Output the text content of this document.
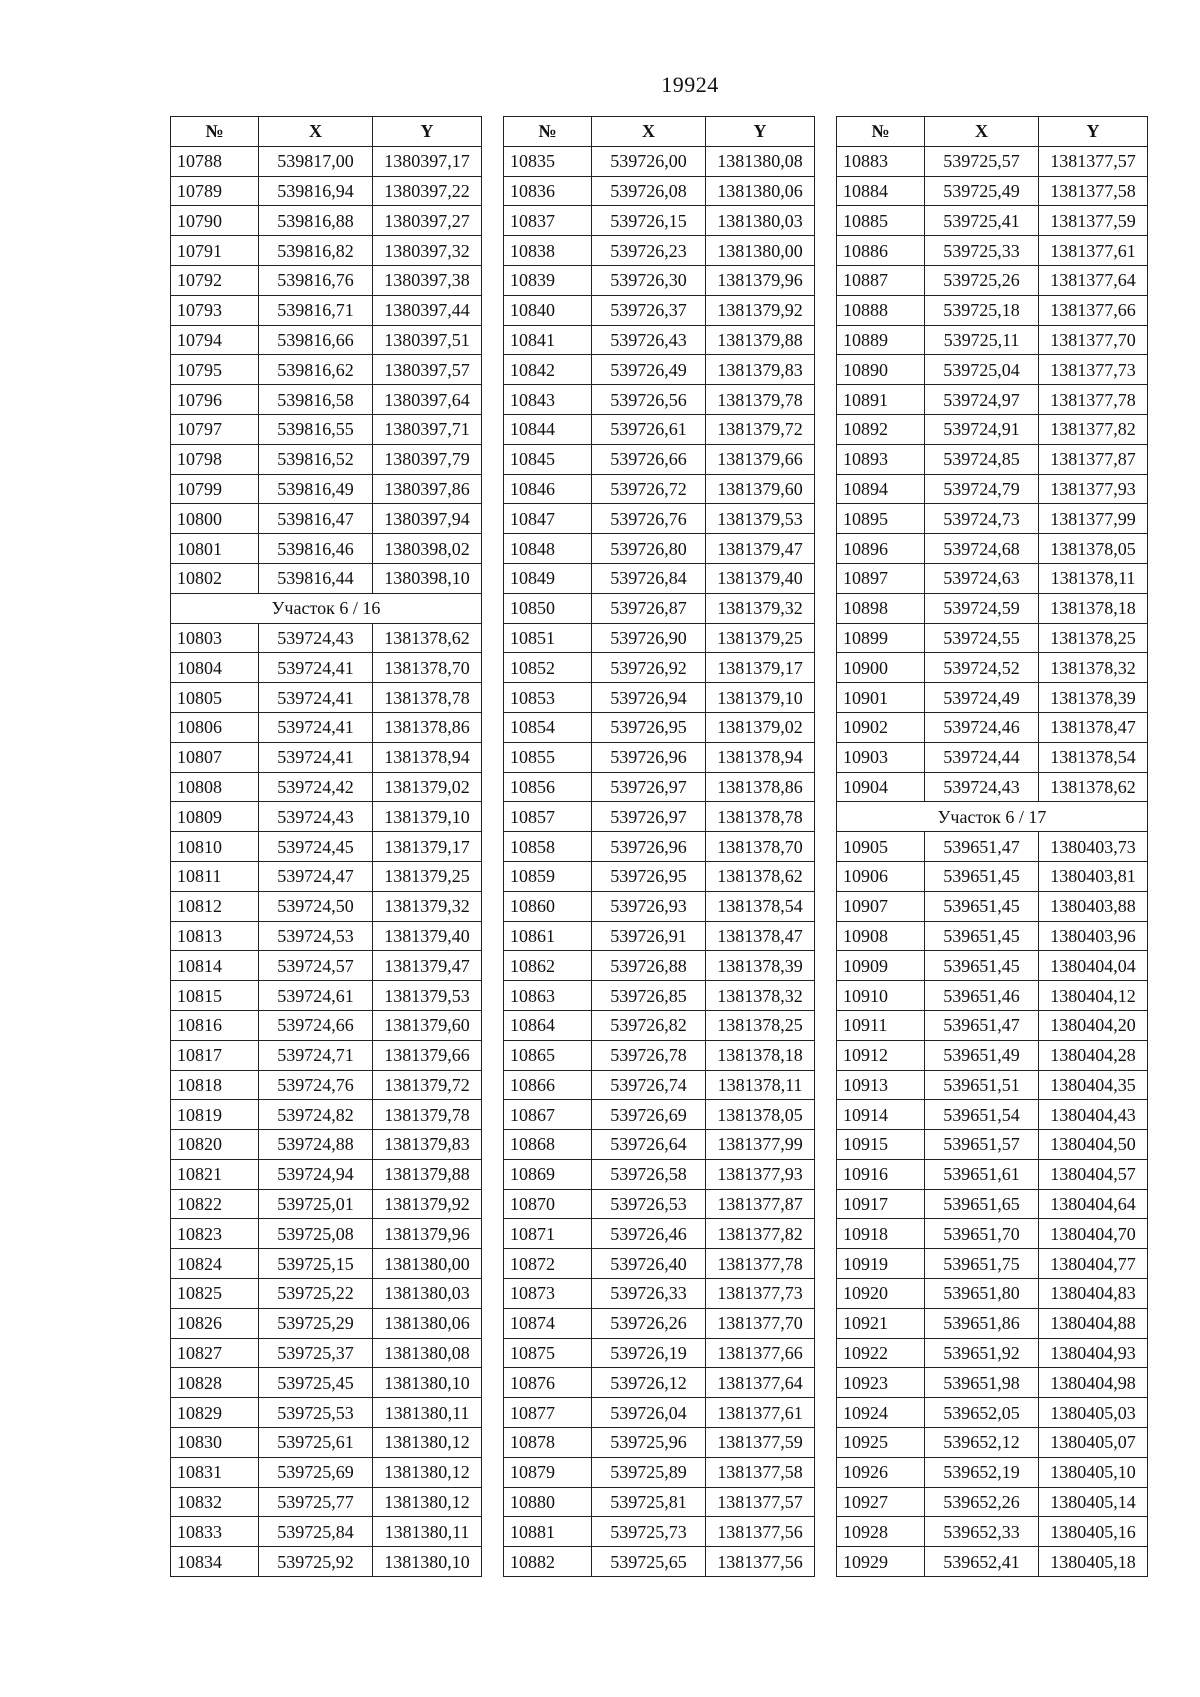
19924
№	X	Y
10788	539817,00	1380397,17
10789	539816,94	1380397,22
10790	539816,88	1380397,27
10791	539816,82	1380397,32
10792	539816,76	1380397,38
10793	539816,71	1380397,44
10794	539816,66	1380397,51
10795	539816,62	1380397,57
10796	539816,58	1380397,64
10797	539816,55	1380397,71
10798	539816,52	1380397,79
10799	539816,49	1380397,86
10800	539816,47	1380397,94
10801	539816,46	1380398,02
10802	539816,44	1380398,10
Участок 6 / 16		
10803	539724,43	1381378,62
10804	539724,41	1381378,70
10805	539724,41	1381378,78
10806	539724,41	1381378,86
10807	539724,41	1381378,94
10808	539724,42	1381379,02
10809	539724,43	1381379,10
10810	539724,45	1381379,17
10811	539724,47	1381379,25
10812	539724,50	1381379,32
10813	539724,53	1381379,40
10814	539724,57	1381379,47
10815	539724,61	1381379,53
10816	539724,66	1381379,60
10817	539724,71	1381379,66
10818	539724,76	1381379,72
10819	539724,82	1381379,78
10820	539724,88	1381379,83
10821	539724,94	1381379,88
10822	539725,01	1381379,92
10823	539725,08	1381379,96
10824	539725,15	1381380,00
10825	539725,22	1381380,03
10826	539725,29	1381380,06
10827	539725,37	1381380,08
10828	539725,45	1381380,10
10829	539725,53	1381380,11
10830	539725,61	1381380,12
10831	539725,69	1381380,12
10832	539725,77	1381380,12
10833	539725,84	1381380,11
10834	539725,92	1381380,10
№	X	Y
10835	539726,00	1381380,08
10836	539726,08	1381380,06
10837	539726,15	1381380,03
10838	539726,23	1381380,00
10839	539726,30	1381379,96
10840	539726,37	1381379,92
10841	539726,43	1381379,88
10842	539726,49	1381379,83
10843	539726,56	1381379,78
10844	539726,61	1381379,72
10845	539726,66	1381379,66
10846	539726,72	1381379,60
10847	539726,76	1381379,53
10848	539726,80	1381379,47
10849	539726,84	1381379,40
10850	539726,87	1381379,32
10851	539726,90	1381379,25
10852	539726,92	1381379,17
10853	539726,94	1381379,10
10854	539726,95	1381379,02
10855	539726,96	1381378,94
10856	539726,97	1381378,86
10857	539726,97	1381378,78
10858	539726,96	1381378,70
10859	539726,95	1381378,62
10860	539726,93	1381378,54
10861	539726,91	1381378,47
10862	539726,88	1381378,39
10863	539726,85	1381378,32
10864	539726,82	1381378,25
10865	539726,78	1381378,18
10866	539726,74	1381378,11
10867	539726,69	1381378,05
10868	539726,64	1381377,99
10869	539726,58	1381377,93
10870	539726,53	1381377,87
10871	539726,46	1381377,82
10872	539726,40	1381377,78
10873	539726,33	1381377,73
10874	539726,26	1381377,70
10875	539726,19	1381377,66
10876	539726,12	1381377,64
10877	539726,04	1381377,61
10878	539725,96	1381377,59
10879	539725,89	1381377,58
10880	539725,81	1381377,57
10881	539725,73	1381377,56
10882	539725,65	1381377,56
№	X	Y
10883	539725,57	1381377,57
10884	539725,49	1381377,58
10885	539725,41	1381377,59
10886	539725,33	1381377,61
10887	539725,26	1381377,64
10888	539725,18	1381377,66
10889	539725,11	1381377,70
10890	539725,04	1381377,73
10891	539724,97	1381377,78
10892	539724,91	1381377,82
10893	539724,85	1381377,87
10894	539724,79	1381377,93
10895	539724,73	1381377,99
10896	539724,68	1381378,05
10897	539724,63	1381378,11
10898	539724,59	1381378,18
10899	539724,55	1381378,25
10900	539724,52	1381378,32
10901	539724,49	1381378,39
10902	539724,46	1381378,47
10903	539724,44	1381378,54
10904	539724,43	1381378,62
Участок 6 / 17		
10905	539651,47	1380403,73
10906	539651,45	1380403,81
10907	539651,45	1380403,88
10908	539651,45	1380403,96
10909	539651,45	1380404,04
10910	539651,46	1380404,12
10911	539651,47	1380404,20
10912	539651,49	1380404,28
10913	539651,51	1380404,35
10914	539651,54	1380404,43
10915	539651,57	1380404,50
10916	539651,61	1380404,57
10917	539651,65	1380404,64
10918	539651,70	1380404,70
10919	539651,75	1380404,77
10920	539651,80	1380404,83
10921	539651,86	1380404,88
10922	539651,92	1380404,93
10923	539651,98	1380404,98
10924	539652,05	1380405,03
10925	539652,12	1380405,07
10926	539652,19	1380405,10
10927	539652,26	1380405,14
10928	539652,33	1380405,16
10929	539652,41	1380405,18
